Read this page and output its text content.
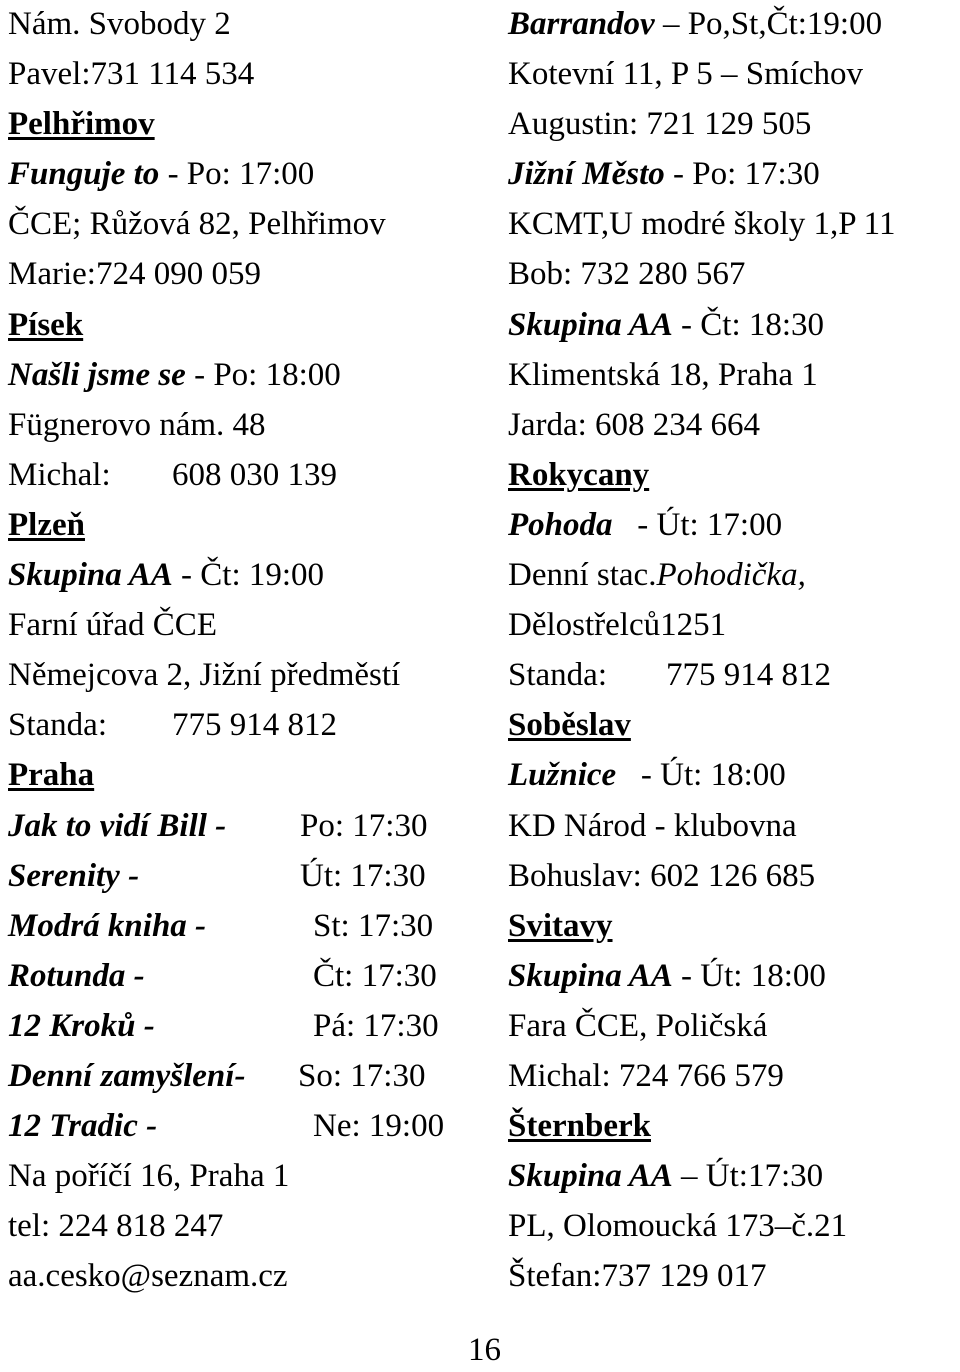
Nám. Svobody 2
Pavel:731 114 534
Pelhřimov
Funguje to - Po: 17:00
ČCE; Růžová 82, Pelhřimov
Marie:724 090 059
Písek
Našli jsme se - Po: 18:00
Fügnerovo nám. 48
Michal: 608 030 139
Plzeň
Skupina AA - Čt: 19:00
Farní úřad ČCE
Němejcova 2, Jižní předměstí
Standa: 775 914 812
Praha
Jak to vidí Bill - Po: 17:30
Serenity -	Út: 17:30
Modrá kniha -	St: 17:30
Rotunda -	Čt: 17:30
12 Kroků -	Pá: 17:30
Denní zamyšlení- So: 17:30
12 Tradic -	Ne: 19:00
Na poříčí 16, Praha 1
tel: 224 818 247
aa.cesko@seznam.cz
Barrandov – Po,St,Čt:19:00
Kotevní 11, P 5 – Smíchov
Augustin: 721 129 505
Jižní Město - Po: 17:30
KCMT,U modré školy 1,P 11
Bob: 732 280 567
Skupina AA - Čt: 18:30
Klimentská 18, Praha 1
Jarda: 608 234 664
Rokycany
Pohoda   - Út: 17:00
Denní stac.Pohodička,
Dělostřelců1251
Standa: 775 914 812
Soběslav
Lužnice   - Út: 18:00
KD Národ - klubovna
Bohuslav: 602 126 685
Svitavy
Skupina AA - Út: 18:00
Fara ČCE, Poličská
Michal: 724 766 579
Šternberk
Skupina AA – Út:17:30
PL, Olomoucká 173–č.21
Štefan:737 129 017
16
